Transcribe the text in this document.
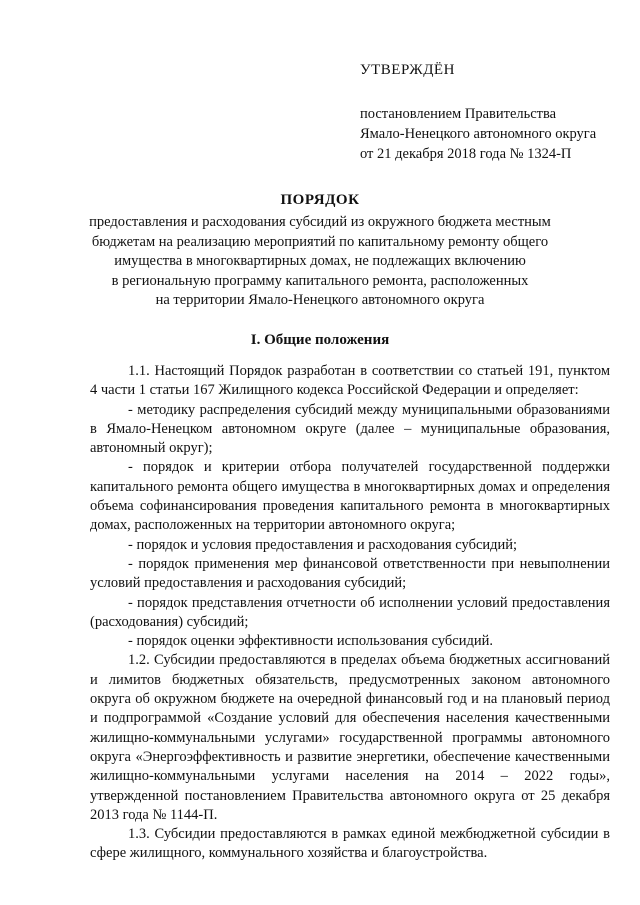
УТВЕРЖДЁН
постановлением Правительства
Ямало-Ненецкого автономного округа
от 21 декабря 2018 года № 1324-П
ПОРЯДОК
предоставления и расходования субсидий из окружного бюджета местным
бюджетам на реализацию мероприятий по капитальному ремонту общего
имущества в многоквартирных домах, не подлежащих включению
в региональную программу капитального ремонта, расположенных
на территории Ямало-Ненецкого автономного округа
I. Общие положения

1.1. Настоящий Порядок разработан в соответствии со статьей 191, пунктом 4 части 1 статьи 167 Жилищного кодекса Российской Федерации и определяет:

- методику распределения субсидий между муниципальными образованиями в Ямало-Ненецком автономном округе (далее – муниципальные образования, автономный округ);

- порядок и критерии отбора получателей государственной поддержки капитального ремонта общего имущества в многоквартирных домах и определения объема софинансирования проведения капитального ремонта в многоквартирных домах, расположенных на территории автономного округа;

- порядок и условия предоставления и расходования субсидий;

- порядок применения мер финансовой ответственности при невыполнении условий предоставления и расходования субсидий;

- порядок представления отчетности об исполнении условий предоставления (расходования) субсидий;

- порядок оценки эффективности использования субсидий.

1.2. Субсидии предоставляются в пределах объема бюджетных ассигнований и лимитов бюджетных обязательств, предусмотренных законом автономного округа об окружном бюджете на очередной финансовый год и на плановый период и подпрограммой «Создание условий для обеспечения населения качественными жилищно-коммунальными услугами» государственной программы автономного округа «Энергоэффективность и развитие энергетики, обеспечение качественными жилищно-коммунальными услугами населения на 2014 – 2022 годы», утвержденной постановлением Правительства автономного округа от 25 декабря 2013 года № 1144-П.

1.3. Субсидии предоставляются в рамках единой межбюджетной субсидии в сфере жилищного, коммунального хозяйства и благоустройства.
